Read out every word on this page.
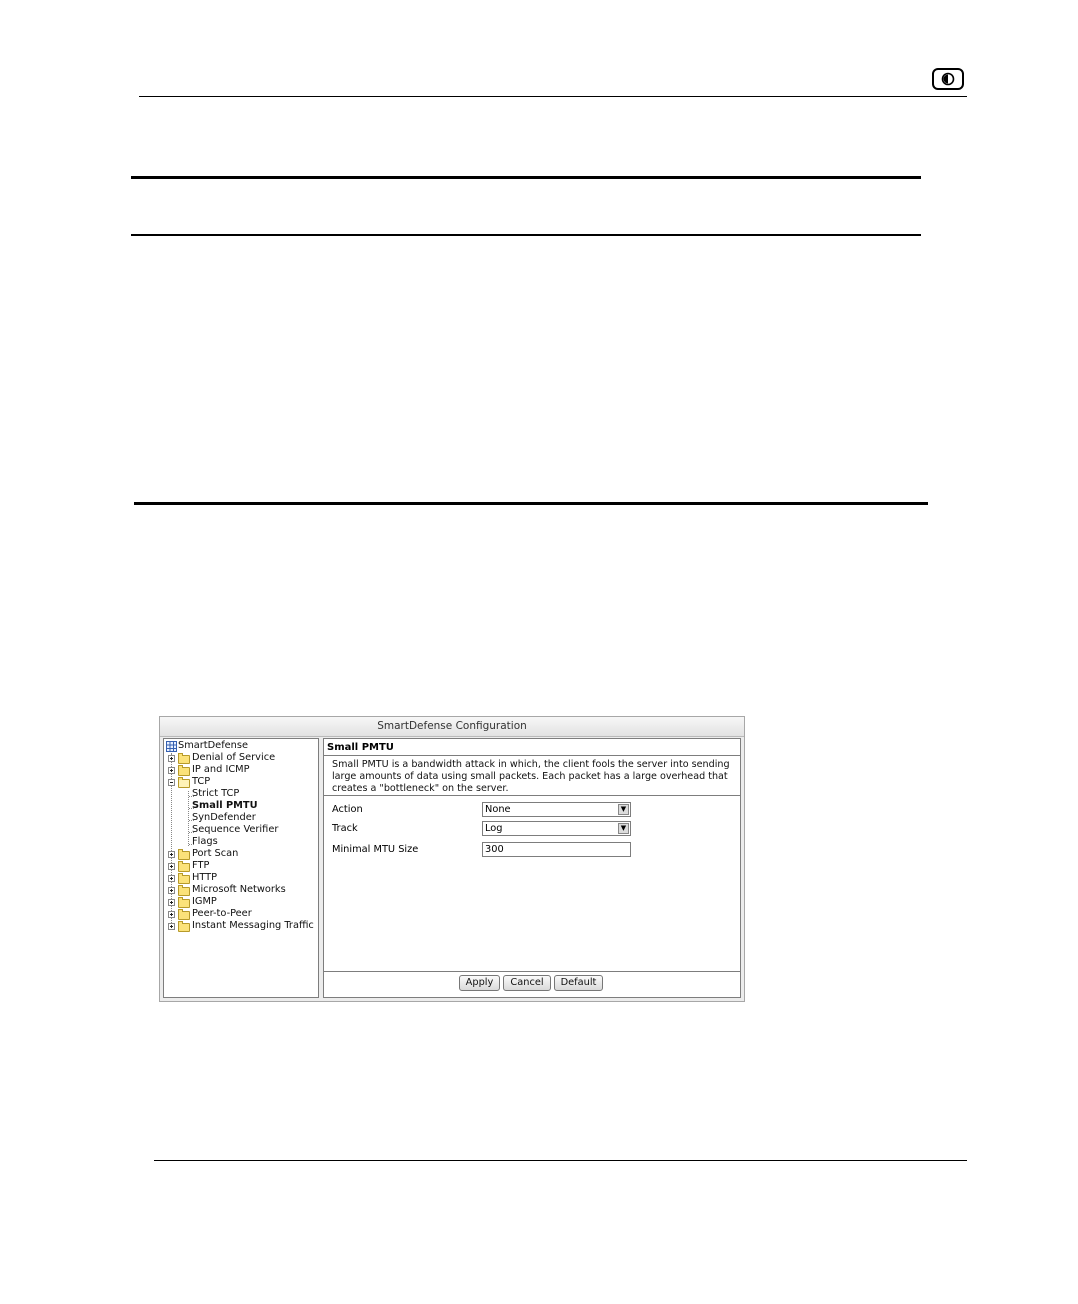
SmartDefense Configuration
SmartDefense
Denial of Service
IP and ICMP
TCP
Strict TCP
Small PMTU
SynDefender
Sequence Verifier
Flags
Port Scan
FTP
HTTP
Microsoft Networks
IGMP
Peer-to-Peer
Instant Messaging Traffic
Small PMTU
Small PMTU is a bandwidth attack in which, the client fools the server into sending large amounts of data using small packets. Each packet has a large overhead that creates a "bottleneck" on the server.
Action	None	▼
Track	Log	▼
Minimal MTU Size	300
Apply	Cancel	Default
